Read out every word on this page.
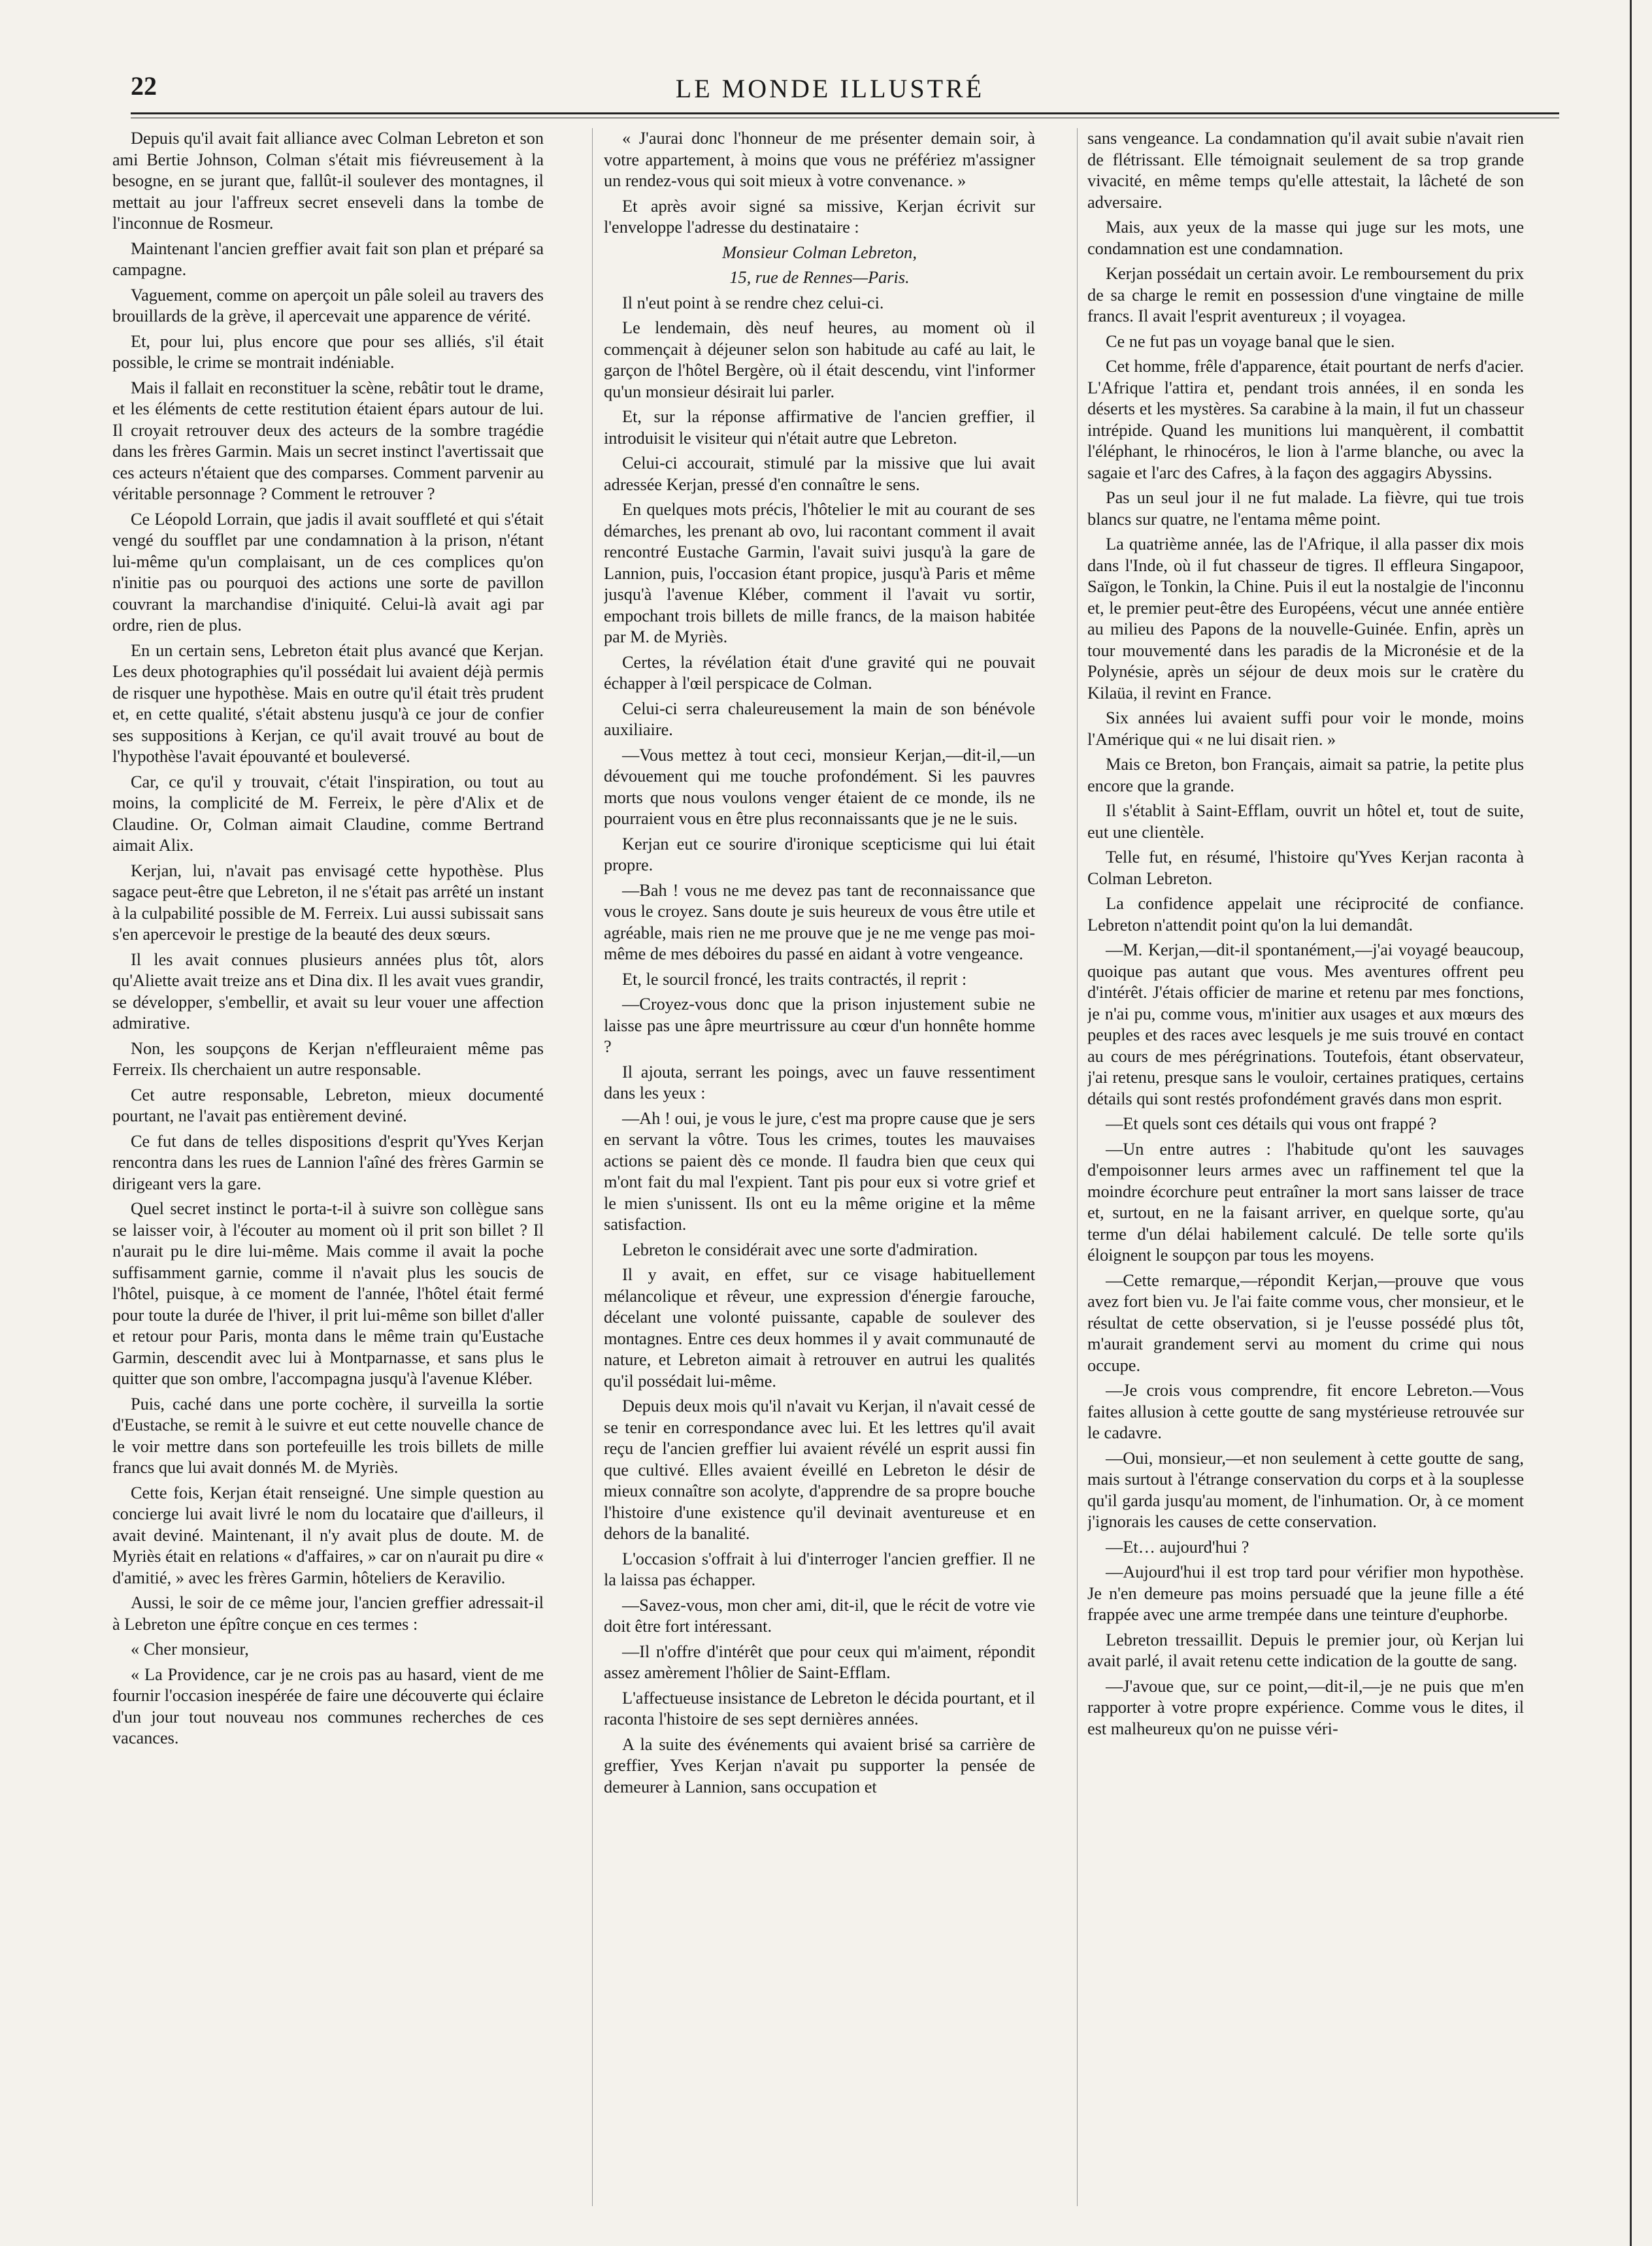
22	LE MONDE ILLUSTRÉ

Depuis qu'il avait fait alliance avec Colman Lebreton et son ami Bertie Johnson, Colman s'était mis fiévreusement à la besogne, en se jurant que, fallût-il soulever des montagnes, il mettait au jour l'affreux secret enseveli dans la tombe de l'inconnue de Rosmeur.

Maintenant l'ancien greffier avait fait son plan et préparé sa campagne.

Vaguement, comme on aperçoit un pâle soleil au travers des brouillards de la grève, il apercevait une apparence de vérité.

Et, pour lui, plus encore que pour ses alliés, s'il était possible, le crime se montrait indéniable.

Mais il fallait en reconstituer la scène, rebâtir tout le drame, et les éléments de cette restitution étaient épars autour de lui. Il croyait retrouver deux des acteurs de la sombre tragédie dans les frères Garmin. Mais un secret instinct l'avertissait que ces acteurs n'étaient que des comparses. Comment parvenir au véritable personnage ? Comment le retrouver ?

Ce Léopold Lorrain, que jadis il avait souffleté et qui s'était vengé du soufflet par une condamnation à la prison, n'étant lui-même qu'un complaisant, un de ces complices qu'on n'initie pas ou pourquoi des actions une sorte de pavillon couvrant la marchandise d'iniquité. Celui-là avait agi par ordre, rien de plus.

En un certain sens, Lebreton était plus avancé que Kerjan. Les deux photographies qu'il possédait lui avaient déjà permis de risquer une hypothèse. Mais en outre qu'il était très prudent et, en cette qualité, s'était abstenu jusqu'à ce jour de confier ses suppositions à Kerjan, ce qu'il avait trouvé au bout de l'hypothèse l'avait épouvanté et bouleversé.

Car, ce qu'il y trouvait, c'était l'inspiration, ou tout au moins, la complicité de M. Ferreix, le père d'Alix et de Claudine. Or, Colman aimait Claudine, comme Bertrand aimait Alix.

Kerjan, lui, n'avait pas envisagé cette hypothèse. Plus sagace peut-être que Lebreton, il ne s'était pas arrêté un instant à la culpabilité possible de M. Ferreix. Lui aussi subissait sans s'en apercevoir le prestige de la beauté des deux sœurs.

Il les avait connues plusieurs années plus tôt, alors qu'Aliette avait treize ans et Dina dix. Il les avait vues grandir, se développer, s'embellir, et avait su leur vouer une affection admirative.

Non, les soupçons de Kerjan n'effleuraient même pas Ferreix. Ils cherchaient un autre responsable.

Cet autre responsable, Lebreton, mieux documenté pourtant, ne l'avait pas entièrement deviné.

Ce fut dans de telles dispositions d'esprit qu'Yves Kerjan rencontra dans les rues de Lannion l'aîné des frères Garmin se dirigeant vers la gare.

Quel secret instinct le porta-t-il à suivre son collègue sans se laisser voir, à l'écouter au moment où il prit son billet ? Il n'aurait pu le dire lui-même. Mais comme il avait la poche suffisamment garnie, comme il n'avait plus les soucis de l'hôtel, puisque, à ce moment de l'année, l'hôtel était fermé pour toute la durée de l'hiver, il prit lui-même son billet d'aller et retour pour Paris, monta dans le même train qu'Eustache Garmin, descendit avec lui à Montparnasse, et sans plus le quitter que son ombre, l'accompagna jusqu'à l'avenue Kléber.

Puis, caché dans une porte cochère, il surveilla la sortie d'Eustache, se remit à le suivre et eut cette nouvelle chance de le voir mettre dans son portefeuille les trois billets de mille francs que lui avait donnés M. de Myriès.

Cette fois, Kerjan était renseigné. Une simple question au concierge lui avait livré le nom du locataire que d'ailleurs, il avait deviné. Maintenant, il n'y avait plus de doute. M. de Myriès était en relations « d'affaires, » car on n'aurait pu dire « d'amitié, » avec les frères Garmin, hôteliers de Keravilio.

Aussi, le soir de ce même jour, l'ancien greffier adressait-il à Lebreton une épître conçue en ces termes :

« Cher monsieur,

« La Providence, car je ne crois pas au hasard, vient de me fournir l'occasion inespérée de faire une découverte qui éclaire d'un jour tout nouveau nos communes recherches de ces vacances.

« J'aurai donc l'honneur de me présenter demain soir, à votre appartement, à moins que vous ne préfériez m'assigner un rendez-vous qui soit mieux à votre convenance. »

Et après avoir signé sa missive, Kerjan écrivit sur l'enveloppe l'adresse du destinataire :

Monsieur Colman Lebreton,

15, rue de Rennes—Paris.

Il n'eut point à se rendre chez celui-ci.

Le lendemain, dès neuf heures, au moment où il commençait à déjeuner selon son habitude au café au lait, le garçon de l'hôtel Bergère, où il était descendu, vint l'informer qu'un monsieur désirait lui parler.

Et, sur la réponse affirmative de l'ancien greffier, il introduisit le visiteur qui n'était autre que Lebreton.

Celui-ci accourait, stimulé par la missive que lui avait adressée Kerjan, pressé d'en connaître le sens.

En quelques mots précis, l'hôtelier le mit au courant de ses démarches, les prenant ab ovo, lui racontant comment il avait rencontré Eustache Garmin, l'avait suivi jusqu'à la gare de Lannion, puis, l'occasion étant propice, jusqu'à Paris et même jusqu'à l'avenue Kléber, comment il l'avait vu sortir, empochant trois billets de mille francs, de la maison habitée par M. de Myriès.

Certes, la révélation était d'une gravité qui ne pouvait échapper à l'œil perspicace de Colman.

Celui-ci serra chaleureusement la main de son bénévole auxiliaire.

—Vous mettez à tout ceci, monsieur Kerjan,—dit-il,—un dévouement qui me touche profondément. Si les pauvres morts que nous voulons venger étaient de ce monde, ils ne pourraient vous en être plus reconnaissants que je ne le suis.

Kerjan eut ce sourire d'ironique scepticisme qui lui était propre.

—Bah ! vous ne me devez pas tant de reconnaissance que vous le croyez. Sans doute je suis heureux de vous être utile et agréable, mais rien ne me prouve que je ne me venge pas moi-même de mes déboires du passé en aidant à votre vengeance.

Et, le sourcil froncé, les traits contractés, il reprit :

—Croyez-vous donc que la prison injustement subie ne laisse pas une âpre meurtrissure au cœur d'un honnête homme ?

Il ajouta, serrant les poings, avec un fauve ressentiment dans les yeux :

—Ah ! oui, je vous le jure, c'est ma propre cause que je sers en servant la vôtre. Tous les crimes, toutes les mauvaises actions se paient dès ce monde. Il faudra bien que ceux qui m'ont fait du mal l'expient. Tant pis pour eux si votre grief et le mien s'unissent. Ils ont eu la même origine et la même satisfaction.

Lebreton le considérait avec une sorte d'admiration.

Il y avait, en effet, sur ce visage habituellement mélancolique et rêveur, une expression d'énergie farouche, décelant une volonté puissante, capable de soulever des montagnes. Entre ces deux hommes il y avait communauté de nature, et Lebreton aimait à retrouver en autrui les qualités qu'il possédait lui-même.

Depuis deux mois qu'il n'avait vu Kerjan, il n'avait cessé de se tenir en correspondance avec lui. Et les lettres qu'il avait reçu de l'ancien greffier lui avaient révélé un esprit aussi fin que cultivé. Elles avaient éveillé en Lebreton le désir de mieux connaître son acolyte, d'apprendre de sa propre bouche l'histoire d'une existence qu'il devinait aventureuse et en dehors de la banalité.

L'occasion s'offrait à lui d'interroger l'ancien greffier. Il ne la laissa pas échapper.

—Savez-vous, mon cher ami, dit-il, que le récit de votre vie doit être fort intéressant.

—Il n'offre d'intérêt que pour ceux qui m'aiment, répondit assez amèrement l'hôlier de Saint-Efflam.

L'affectueuse insistance de Lebreton le décida pourtant, et il raconta l'histoire de ses sept dernières années.

A la suite des événements qui avaient brisé sa carrière de greffier, Yves Kerjan n'avait pu supporter la pensée de demeurer à Lannion, sans occupation et

sans vengeance. La condamnation qu'il avait subie n'avait rien de flétrissant. Elle témoignait seulement de sa trop grande vivacité, en même temps qu'elle attestait, la lâcheté de son adversaire.

Mais, aux yeux de la masse qui juge sur les mots, une condamnation est une condamnation.

Kerjan possédait un certain avoir. Le remboursement du prix de sa charge le remit en possession d'une vingtaine de mille francs. Il avait l'esprit aventureux ; il voyagea.

Ce ne fut pas un voyage banal que le sien.

Cet homme, frêle d'apparence, était pourtant de nerfs d'acier. L'Afrique l'attira et, pendant trois années, il en sonda les déserts et les mystères. Sa carabine à la main, il fut un chasseur intrépide. Quand les munitions lui manquèrent, il combattit l'éléphant, le rhinocéros, le lion à l'arme blanche, ou avec la sagaie et l'arc des Cafres, à la façon des aggagirs Abyssins.

Pas un seul jour il ne fut malade. La fièvre, qui tue trois blancs sur quatre, ne l'entama même point.

La quatrième année, las de l'Afrique, il alla passer dix mois dans l'Inde, où il fut chasseur de tigres. Il effleura Singapoor, Saïgon, le Tonkin, la Chine. Puis il eut la nostalgie de l'inconnu et, le premier peut-être des Européens, vécut une année entière au milieu des Papons de la nouvelle-Guinée. Enfin, après un tour mouvementé dans les paradis de la Micronésie et de la Polynésie, après un séjour de deux mois sur le cratère du Kilaüa, il revint en France.

Six années lui avaient suffi pour voir le monde, moins l'Amérique qui « ne lui disait rien. »

Mais ce Breton, bon Français, aimait sa patrie, la petite plus encore que la grande.

Il s'établit à Saint-Efflam, ouvrit un hôtel et, tout de suite, eut une clientèle.

Telle fut, en résumé, l'histoire qu'Yves Kerjan raconta à Colman Lebreton.

La confidence appelait une réciprocité de confiance. Lebreton n'attendit point qu'on la lui demandât.

—M. Kerjan,—dit-il spontanément,—j'ai voyagé beaucoup, quoique pas autant que vous. Mes aventures offrent peu d'intérêt. J'étais officier de marine et retenu par mes fonctions, je n'ai pu, comme vous, m'initier aux usages et aux mœurs des peuples et des races avec lesquels je me suis trouvé en contact au cours de mes pérégrinations. Toutefois, étant observateur, j'ai retenu, presque sans le vouloir, certaines pratiques, certains détails qui sont restés profondément gravés dans mon esprit.

—Et quels sont ces détails qui vous ont frappé ?

—Un entre autres : l'habitude qu'ont les sauvages d'empoisonner leurs armes avec un raffinement tel que la moindre écorchure peut entraîner la mort sans laisser de trace et, surtout, en ne la faisant arriver, en quelque sorte, qu'au terme d'un délai habilement calculé. De telle sorte qu'ils éloignent le soupçon par tous les moyens.

—Cette remarque,—répondit Kerjan,—prouve que vous avez fort bien vu. Je l'ai faite comme vous, cher monsieur, et le résultat de cette observation, si je l'eusse possédé plus tôt, m'aurait grandement servi au moment du crime qui nous occupe.

—Je crois vous comprendre, fit encore Lebreton.—Vous faites allusion à cette goutte de sang mystérieuse retrouvée sur le cadavre.

—Oui, monsieur,—et non seulement à cette goutte de sang, mais surtout à l'étrange conservation du corps et à la souplesse qu'il garda jusqu'au moment, de l'inhumation. Or, à ce moment j'ignorais les causes de cette conservation.

—Et… aujourd'hui ?

—Aujourd'hui il est trop tard pour vérifier mon hypothèse. Je n'en demeure pas moins persuadé que la jeune fille a été frappée avec une arme trempée dans une teinture d'euphorbe.

Lebreton tressaillit. Depuis le premier jour, où Kerjan lui avait parlé, il avait retenu cette indication de la goutte de sang.

—J'avoue que, sur ce point,—dit-il,—je ne puis que m'en rapporter à votre propre expérience. Comme vous le dites, il est malheureux qu'on ne puisse véri-
